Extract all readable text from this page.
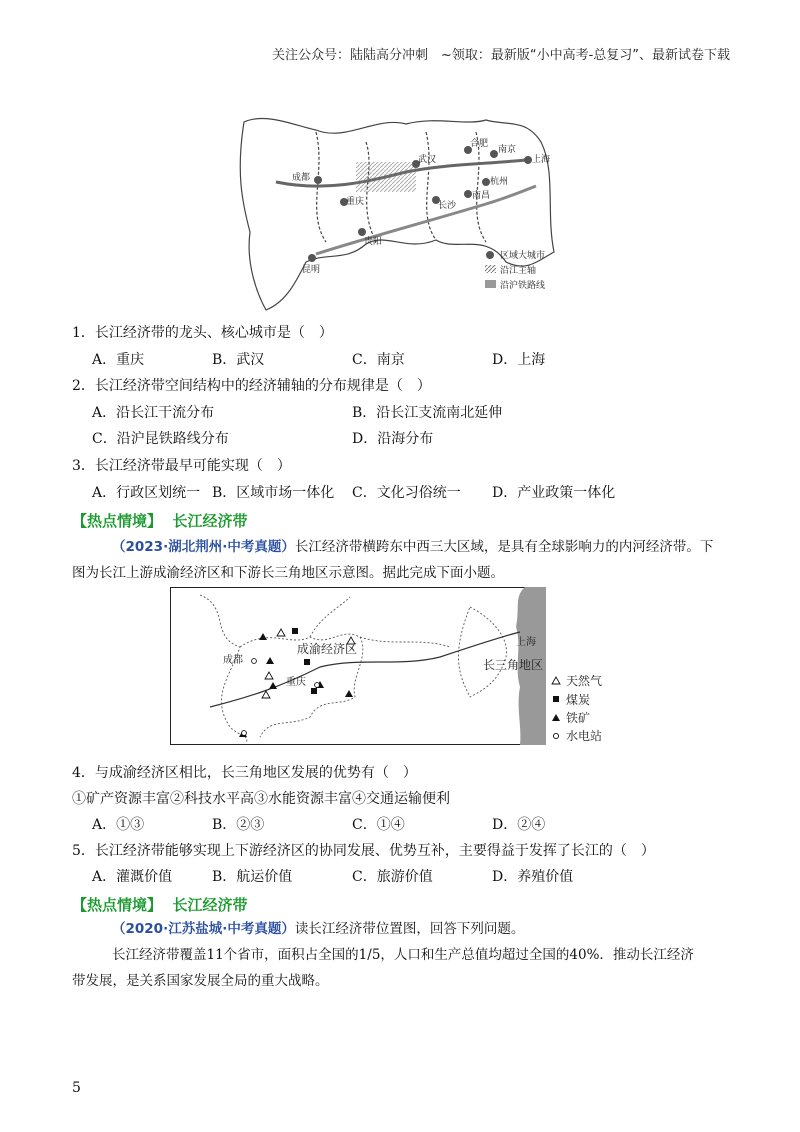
关注公众号：陆陆高分冲刺　~领取：最新版“小中高考-总复习”、最新试卷下载
成都
重庆
武汉
合肥
南京
上海
杭州
长沙
南昌
贵阳
昆明
区域大城市
沿江主轴
沿沪铁路线
1．长江经济带的龙头、核心城市是（　）
A．重庆	B．武汉	C．南京	D．上海
2．长江经济带空间结构中的经济辅轴的分布规律是（　）
A．沿长江干流分布	B．沿长江支流南北延伸
C．沿沪昆铁路线分布	D．沿海分布
3．长江经济带最早可能实现（　）
A．行政区划统一 B．区域市场一体化 C．文化习俗统一 D．产业政策一体化
【热点情境】 长江经济带
（2023·湖北荆州·中考真题）长江经济带横跨东中西三大区域，是具有全球影响力的内河经济带。下
图为长江上游成渝经济区和下游长三角地区示意图。据此完成下面小题。
成都
重庆
成渝经济区	上海
长三角地区
天然气
煤炭
铁矿
水电站
4．与成渝经济区相比，长三角地区发展的优势有（　）
①矿产资源丰富②科技水平高③水能资源丰富④交通运输便利
A．①③	B．②③	C．①④	D．②④
5．长江经济带能够实现上下游经济区的协同发展、优势互补，主要得益于发挥了长江的（　）
A．灌溉价值	B．航运价值	C．旅游价值	D．养殖价值
【热点情境】 长江经济带
（2020·江苏盐城·中考真题）读长江经济带位置图，回答下列问题。
长江经济带覆盖11个省市，面积占全国的1/5，人口和生产总值均超过全国的40%．推动长江经济
带发展，是关系国家发展全局的重大战略。
5
